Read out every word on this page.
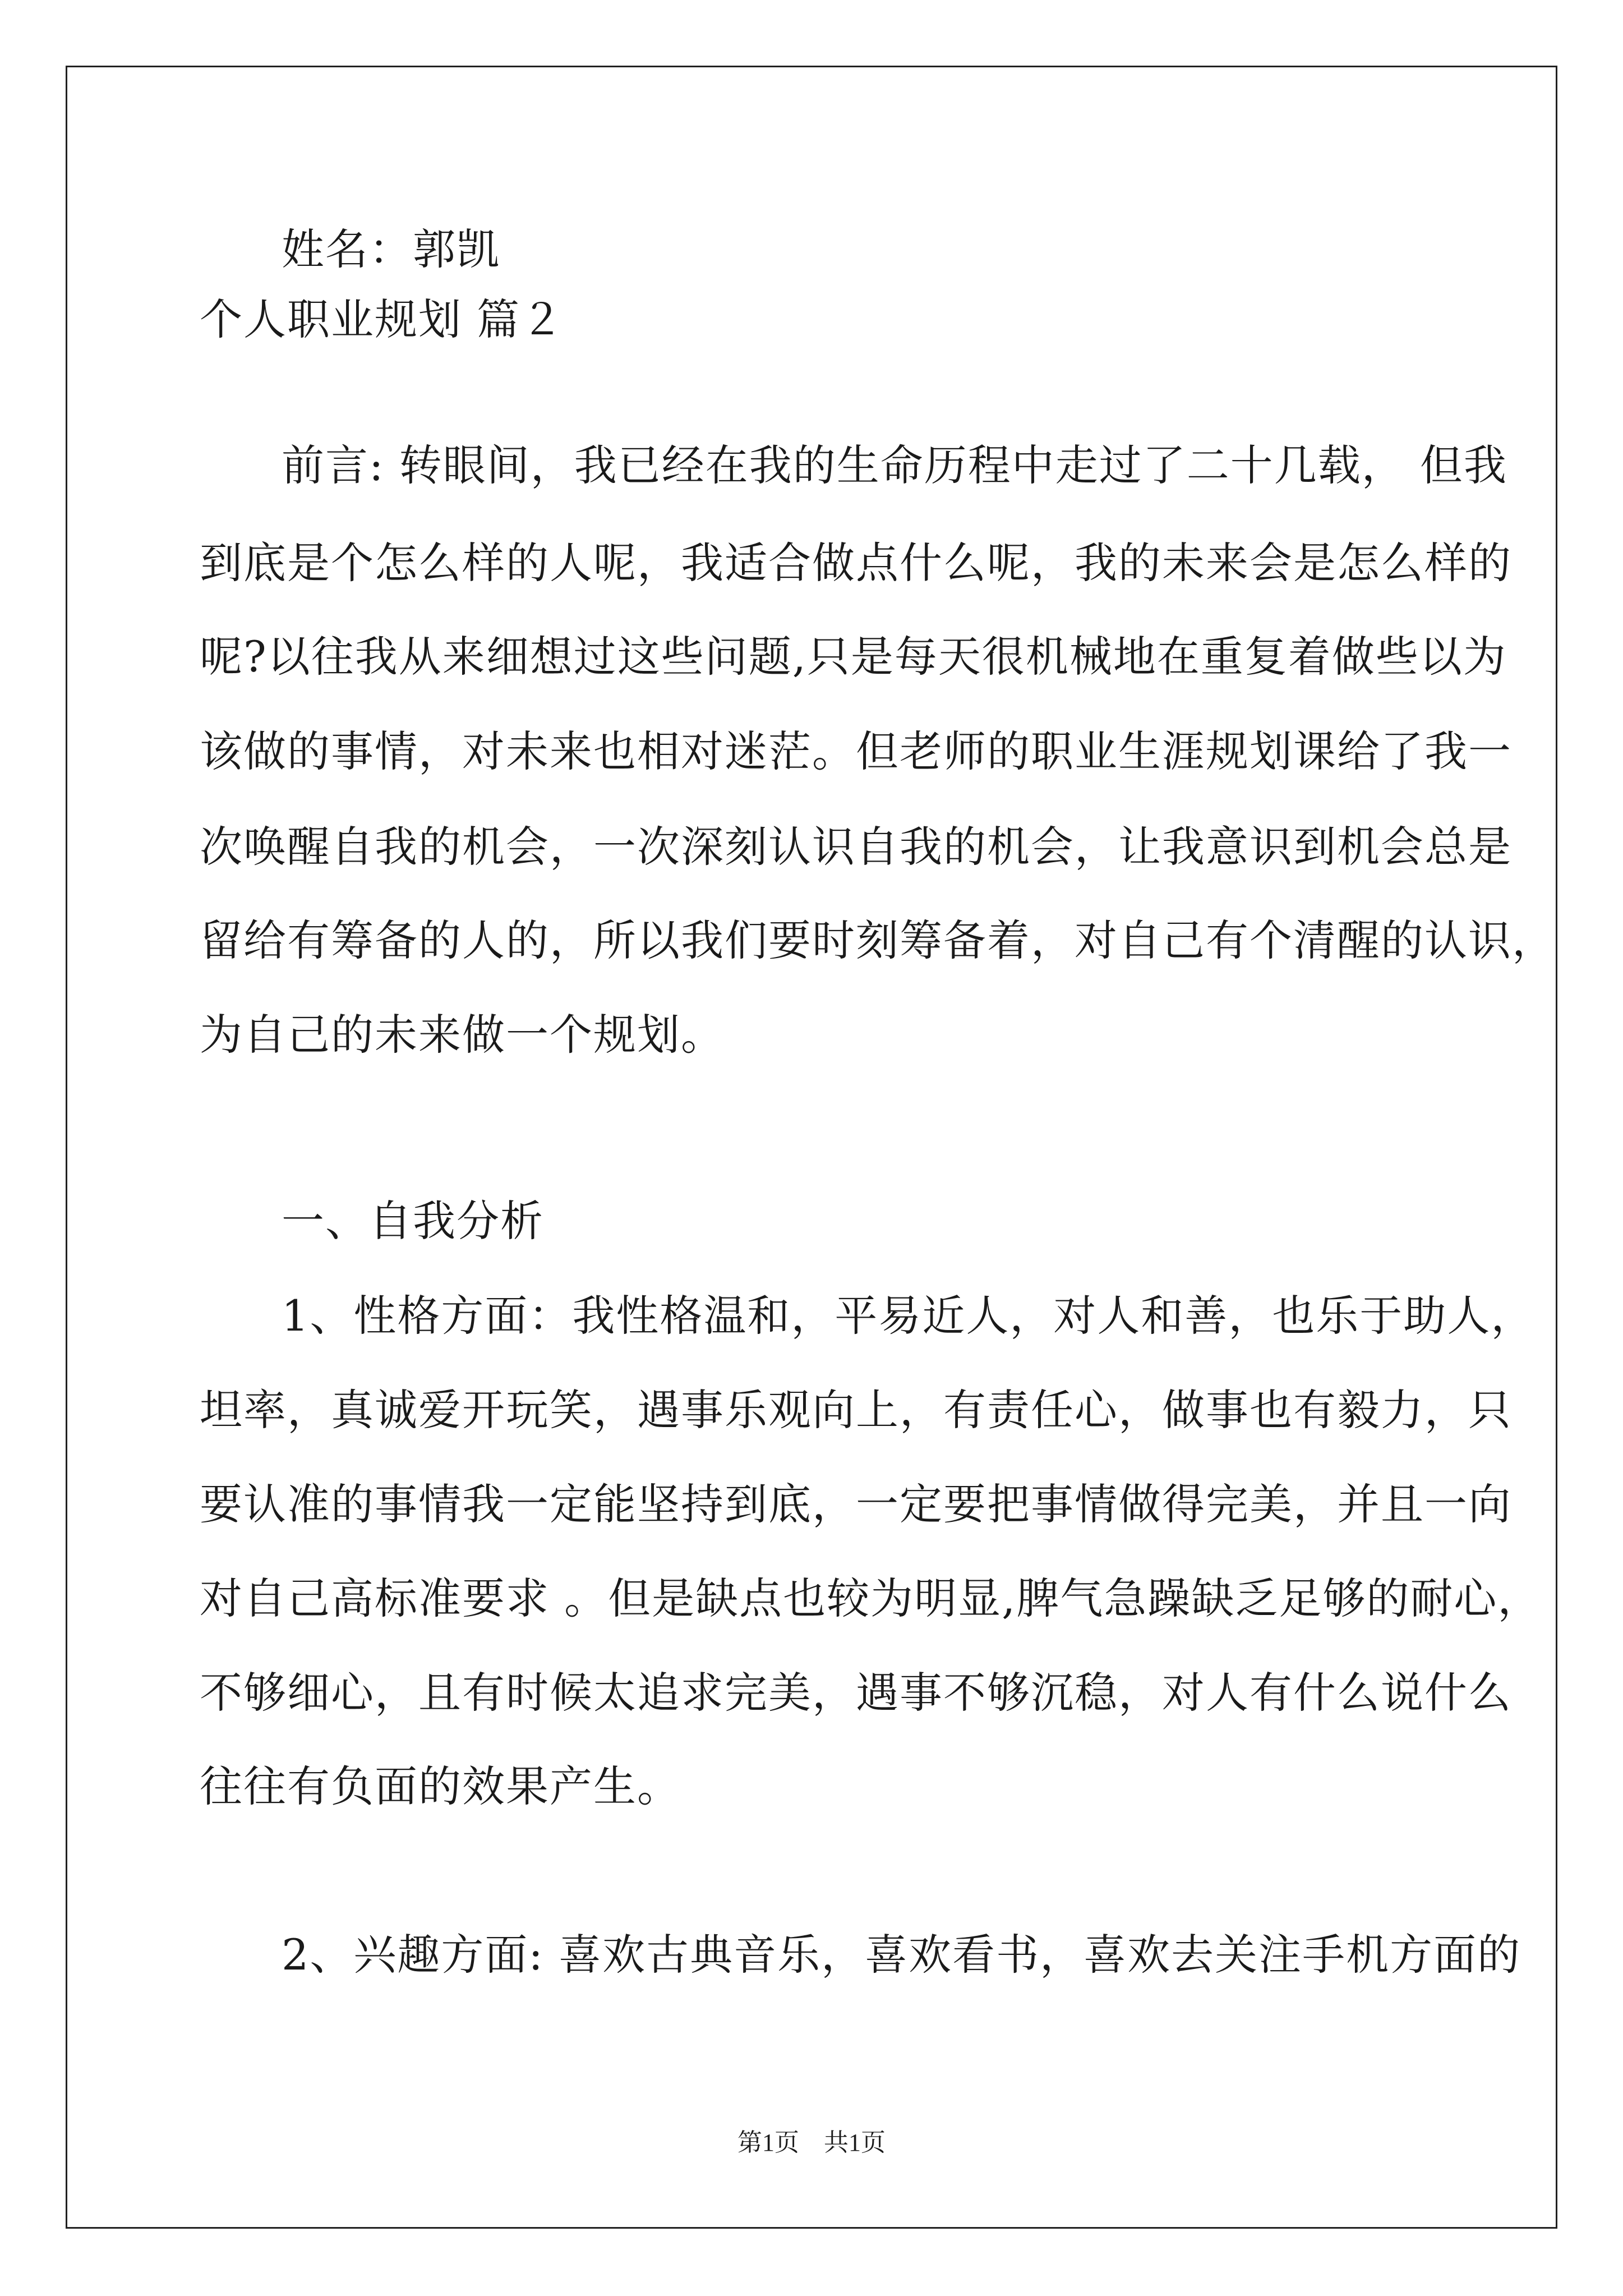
姓名：郭凯
个人职业规划 篇２
前言: 转眼间，我已经在我的生命历程中走过了二十几载， 但我
到底是个怎么样的人呢，我适合做点什么呢，我的未来会是怎么样的
呢?以往我从来细想过这些问题,只是每天很机械地在重复着做些以为
该做的事情，对未来也相对迷茫。但老师的职业生涯规划课给了我一
次唤醒自我的机会，一次深刻认识自我的机会，让我意识到机会总是
留给有筹备的人的，所以我们要时刻筹备着，对自己有个清醒的认识，
为自己的未来做一个规划。
一、自我分析
1、性格方面：我性格温和，平易近人，对人和善，也乐于助人，
坦率，真诚爱开玩笑，遇事乐观向上，有责任心，做事也有毅力，只
要认准的事情我一定能坚持到底，一定要把事情做得完美，并且一向
对自己高标准要求 。但是缺点也较为明显,脾气急躁缺乏足够的耐心，
不够细心，且有时候太追求完美，遇事不够沉稳，对人有什么说什么
往往有负面的效果产生。
2、兴趣方面: 喜欢古典音乐，喜欢看书，喜欢去关注手机方面的
第1页　共1页
